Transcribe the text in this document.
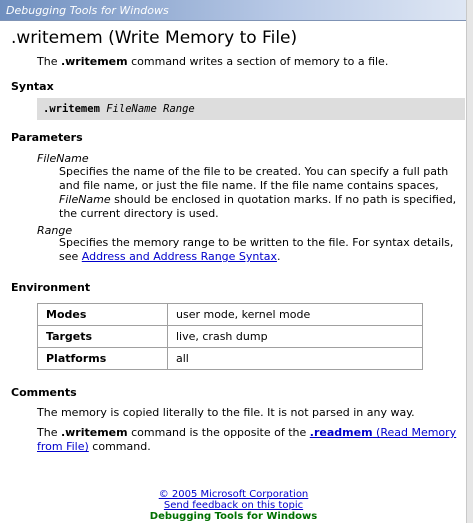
Debugging Tools for Windows
.writemem (Write Memory to File)
The .writemem command writes a section of memory to a file.
Syntax
.writemem FileName Range
Parameters
FileName
Specifies the name of the file to be created. You can specify a full path and file name, or just the file name. If the file name contains spaces, FileName should be enclosed in quotation marks. If no path is specified, the current directory is used.
Range
Specifies the memory range to be written to the file. For syntax details, see Address and Address Range Syntax.
Environment
Modes	user mode, kernel mode
Targets	live, crash dump
Platforms	all
Comments
The memory is copied literally to the file. It is not parsed in any way.
The .writemem command is the opposite of the .readmem (Read Memory from File) command.
© 2005 Microsoft Corporation
Send feedback on this topic
Debugging Tools for Windows
